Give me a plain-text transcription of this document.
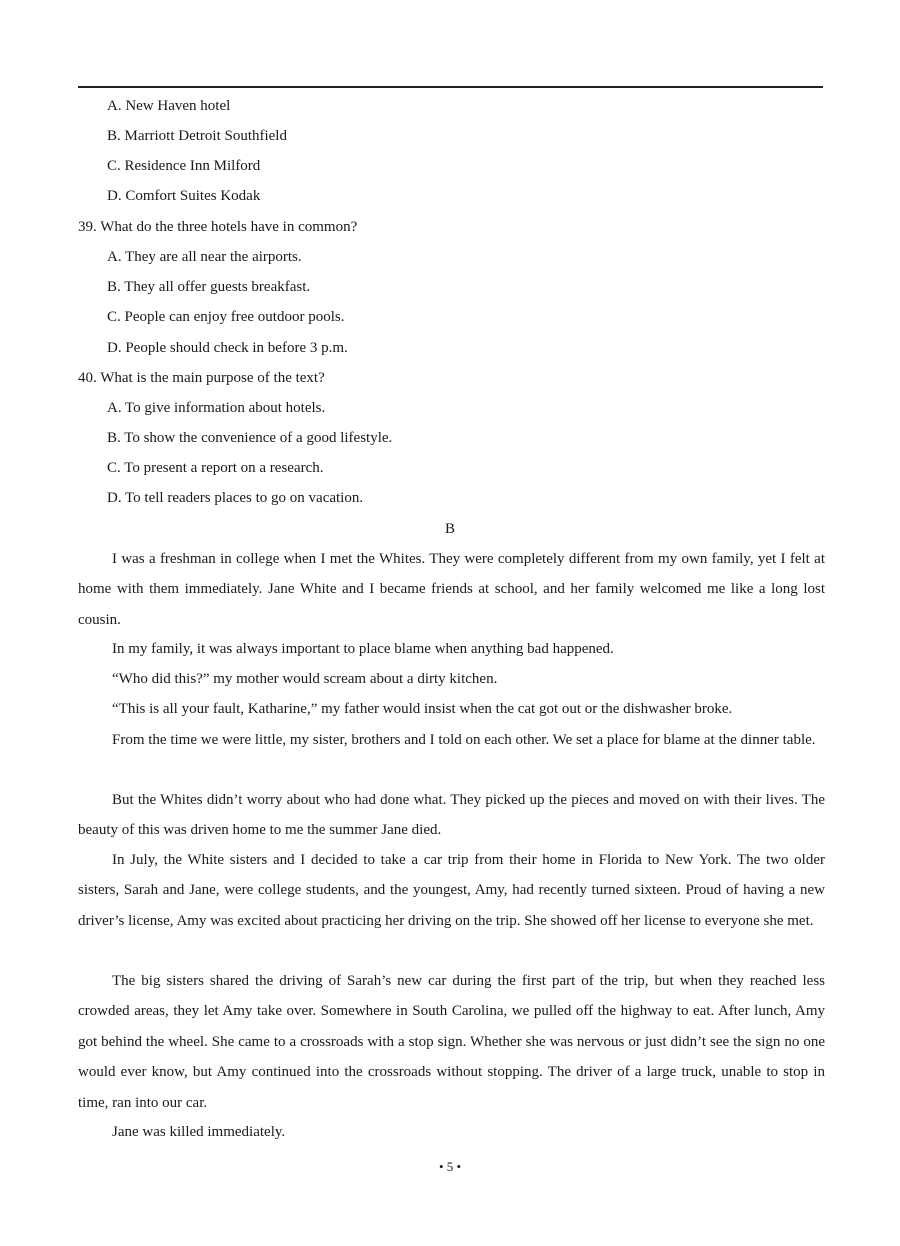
A. New Haven hotel
B. Marriott Detroit Southfield
C. Residence Inn Milford
D. Comfort Suites Kodak
39. What do the three hotels have in common?
A. They are all near the airports.
B. They all offer guests breakfast.
C. People can enjoy free outdoor pools.
D. People should check in before 3 p.m.
40. What is the main purpose of the text?
A. To give information about hotels.
B. To show the convenience of a good lifestyle.
C. To present a report on a research.
D. To tell readers places to go on vacation.
B
I was a freshman in college when I met the Whites. They were completely different from my own family, yet I felt at home with them immediately. Jane White and I became friends at school, and her family welcomed me like a long lost cousin.
In my family, it was always important to place blame when anything bad happened.
“Who did this?” my mother would scream about a dirty kitchen.
“This is all your fault, Katharine,” my father would insist when the cat got out or the dishwasher broke.
From the time we were little, my sister, brothers and I told on each other. We set a place for blame at the dinner table.
But the Whites didn’t worry about who had done what. They picked up the pieces and moved on with their lives. The beauty of this was driven home to me the summer Jane died.
In July, the White sisters and I decided to take a car trip from their home in Florida to New York. The two older sisters, Sarah and Jane, were college students, and the youngest, Amy, had recently turned sixteen. Proud of having a new driver’s license, Amy was excited about practicing her driving on the trip. She showed off her license to everyone she met.
The big sisters shared the driving of Sarah’s new car during the first part of the trip, but when they reached less crowded areas, they let Amy take over. Somewhere in South Carolina, we pulled off the highway to eat. After lunch, Amy got behind the wheel. She came to a crossroads with a stop sign. Whether she was nervous or just didn’t see the sign no one would ever know, but Amy continued into the crossroads without stopping. The driver of a large truck, unable to stop in time, ran into our car.
Jane was killed immediately.
• 5 •
